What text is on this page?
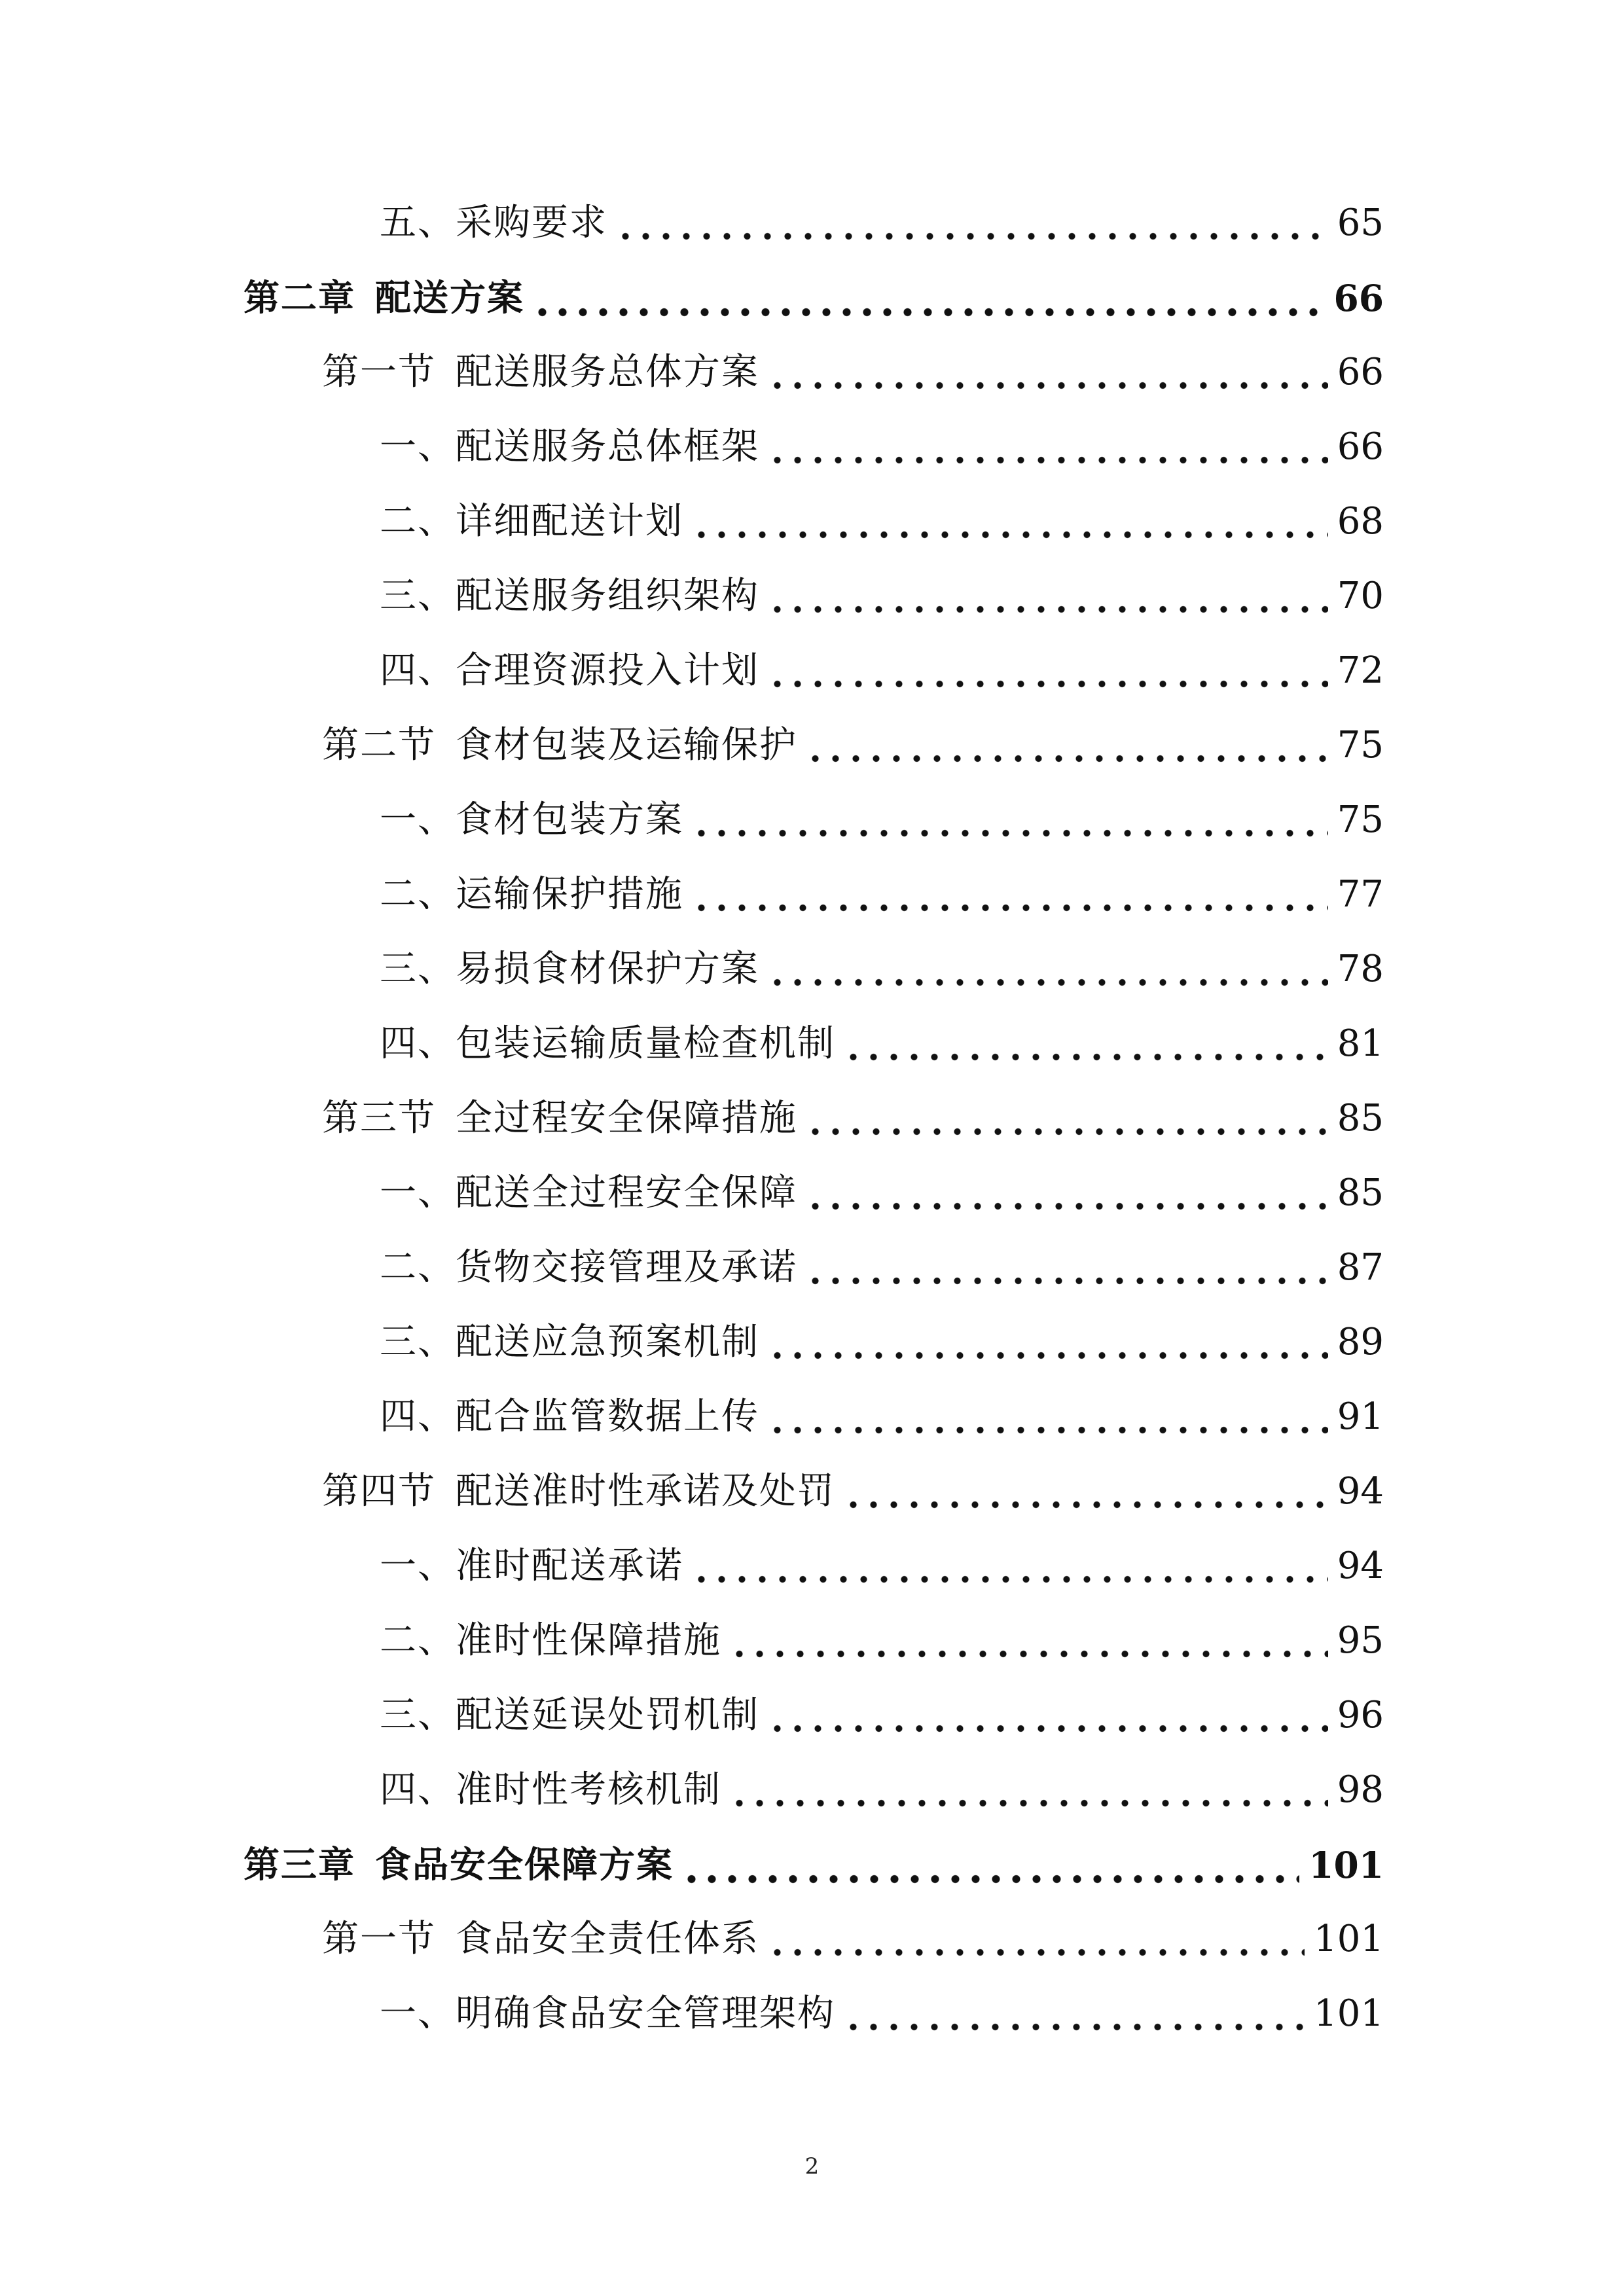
五、采购要求	65
第二章 配送方案	66
第一节 配送服务总体方案	66
一、配送服务总体框架	66
二、详细配送计划	68
三、配送服务组织架构	70
四、合理资源投入计划	72
第二节 食材包装及运输保护	75
一、食材包装方案	75
二、运输保护措施	77
三、易损食材保护方案	78
四、包装运输质量检查机制	81
第三节 全过程安全保障措施	85
一、配送全过程安全保障	85
二、货物交接管理及承诺	87
三、配送应急预案机制	89
四、配合监管数据上传	91
第四节 配送准时性承诺及处罚	94
一、准时配送承诺	94
二、准时性保障措施	95
三、配送延误处罚机制	96
四、准时性考核机制	98
第三章 食品安全保障方案	101
第一节 食品安全责任体系	101
一、明确食品安全管理架构	101
2
